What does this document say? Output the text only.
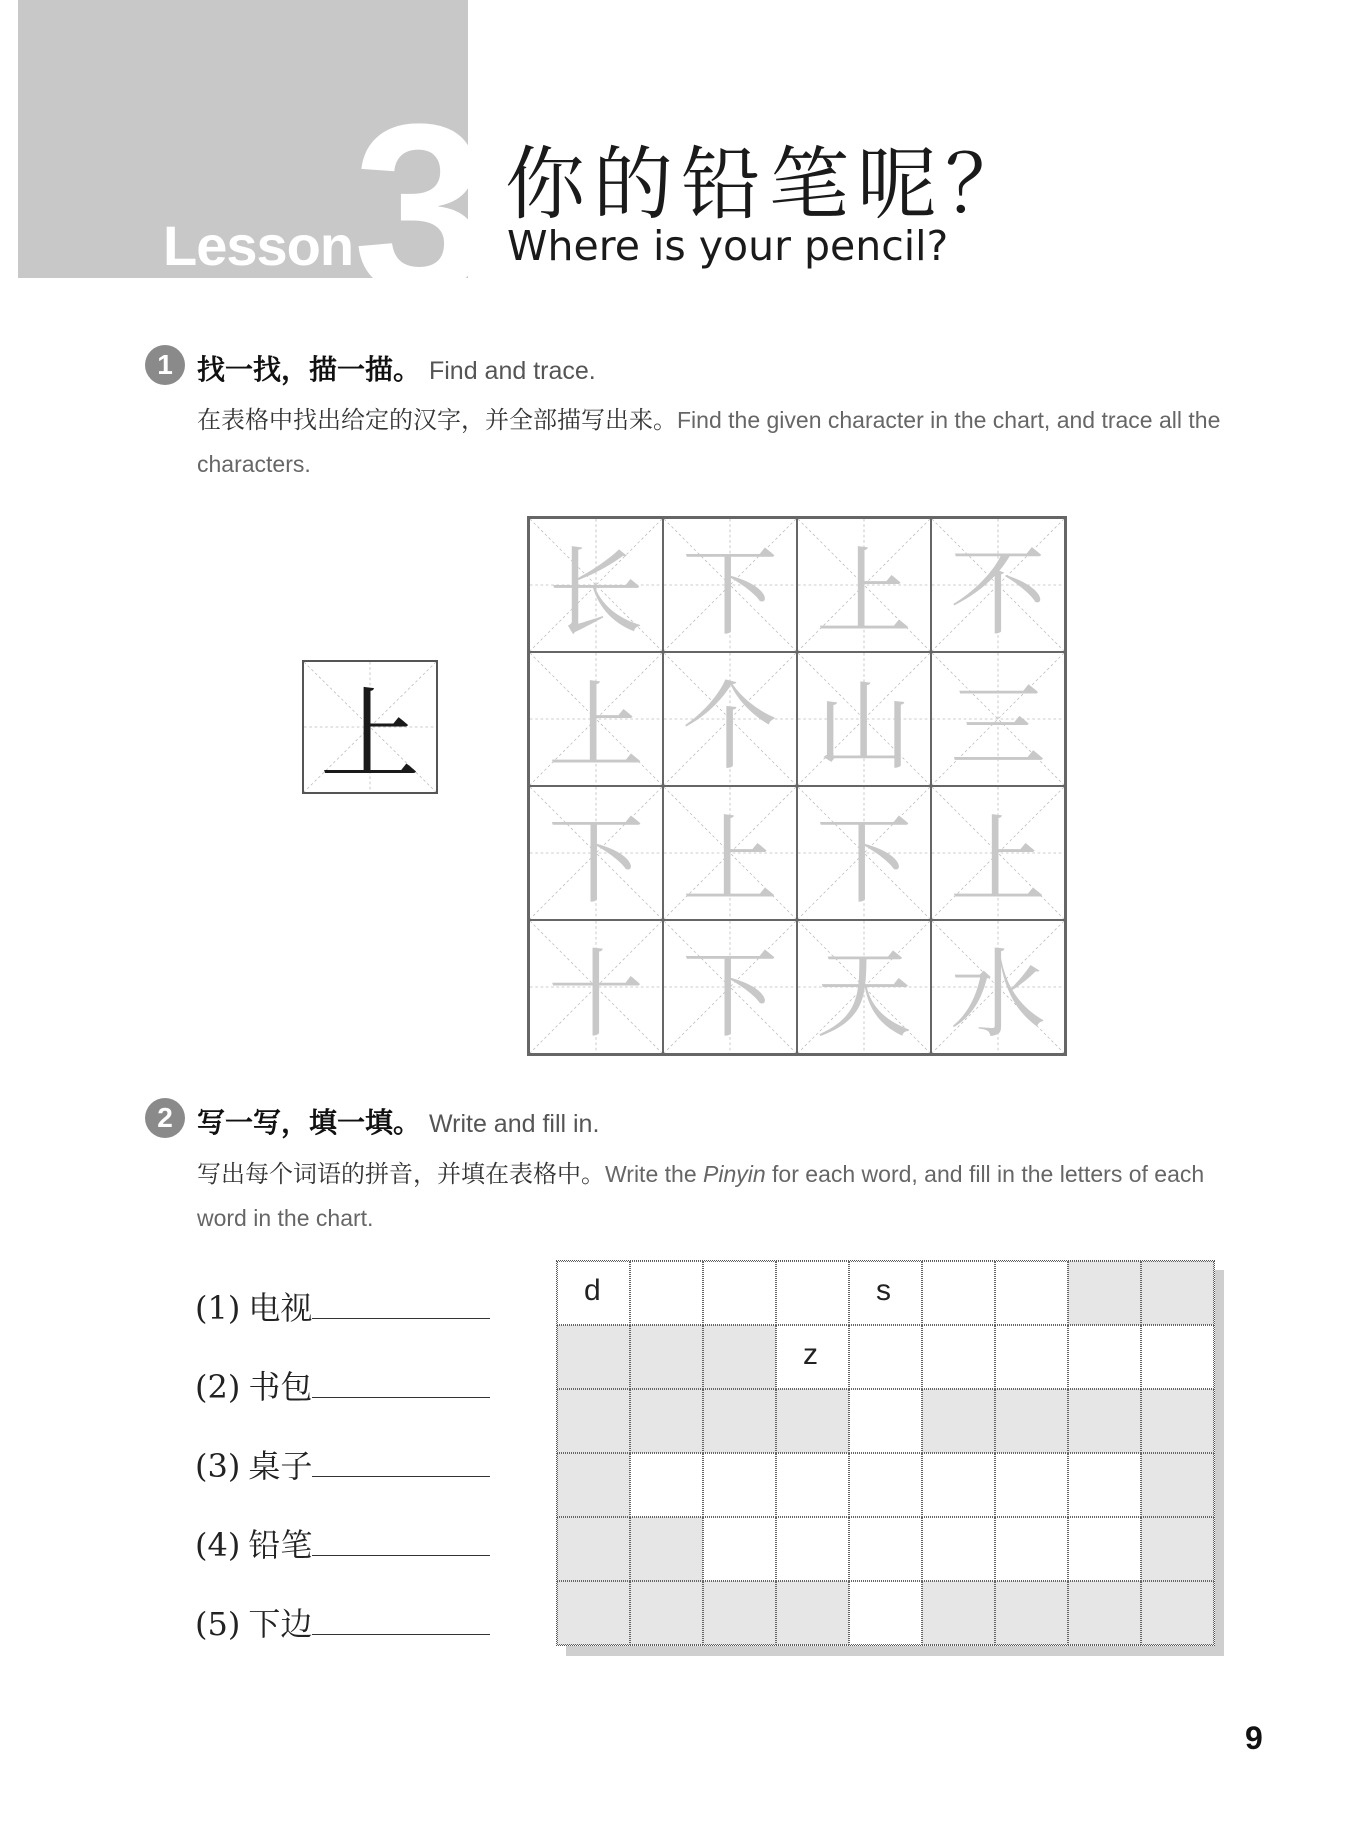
Lesson 3 你的铅笔呢？
Where is your pencil?
1 找一找，描一描。 Find and trace.
在表格中找出给定的汉字，并全部描写出来。Find the given character in the chart, and trace all the characters.
上
长 下 上 不
上 个 山 三
下 上 下 上
十 下 天 水
2 写一写，填一填。 Write and fill in.
写出每个词语的拼音，并填在表格中。Write the Pinyin for each word, and fill in the letters of each word in the chart.
(1) 电视
(2) 书包
(3) 桌子
(4) 铅笔
(5) 下边
d	s
z
9
